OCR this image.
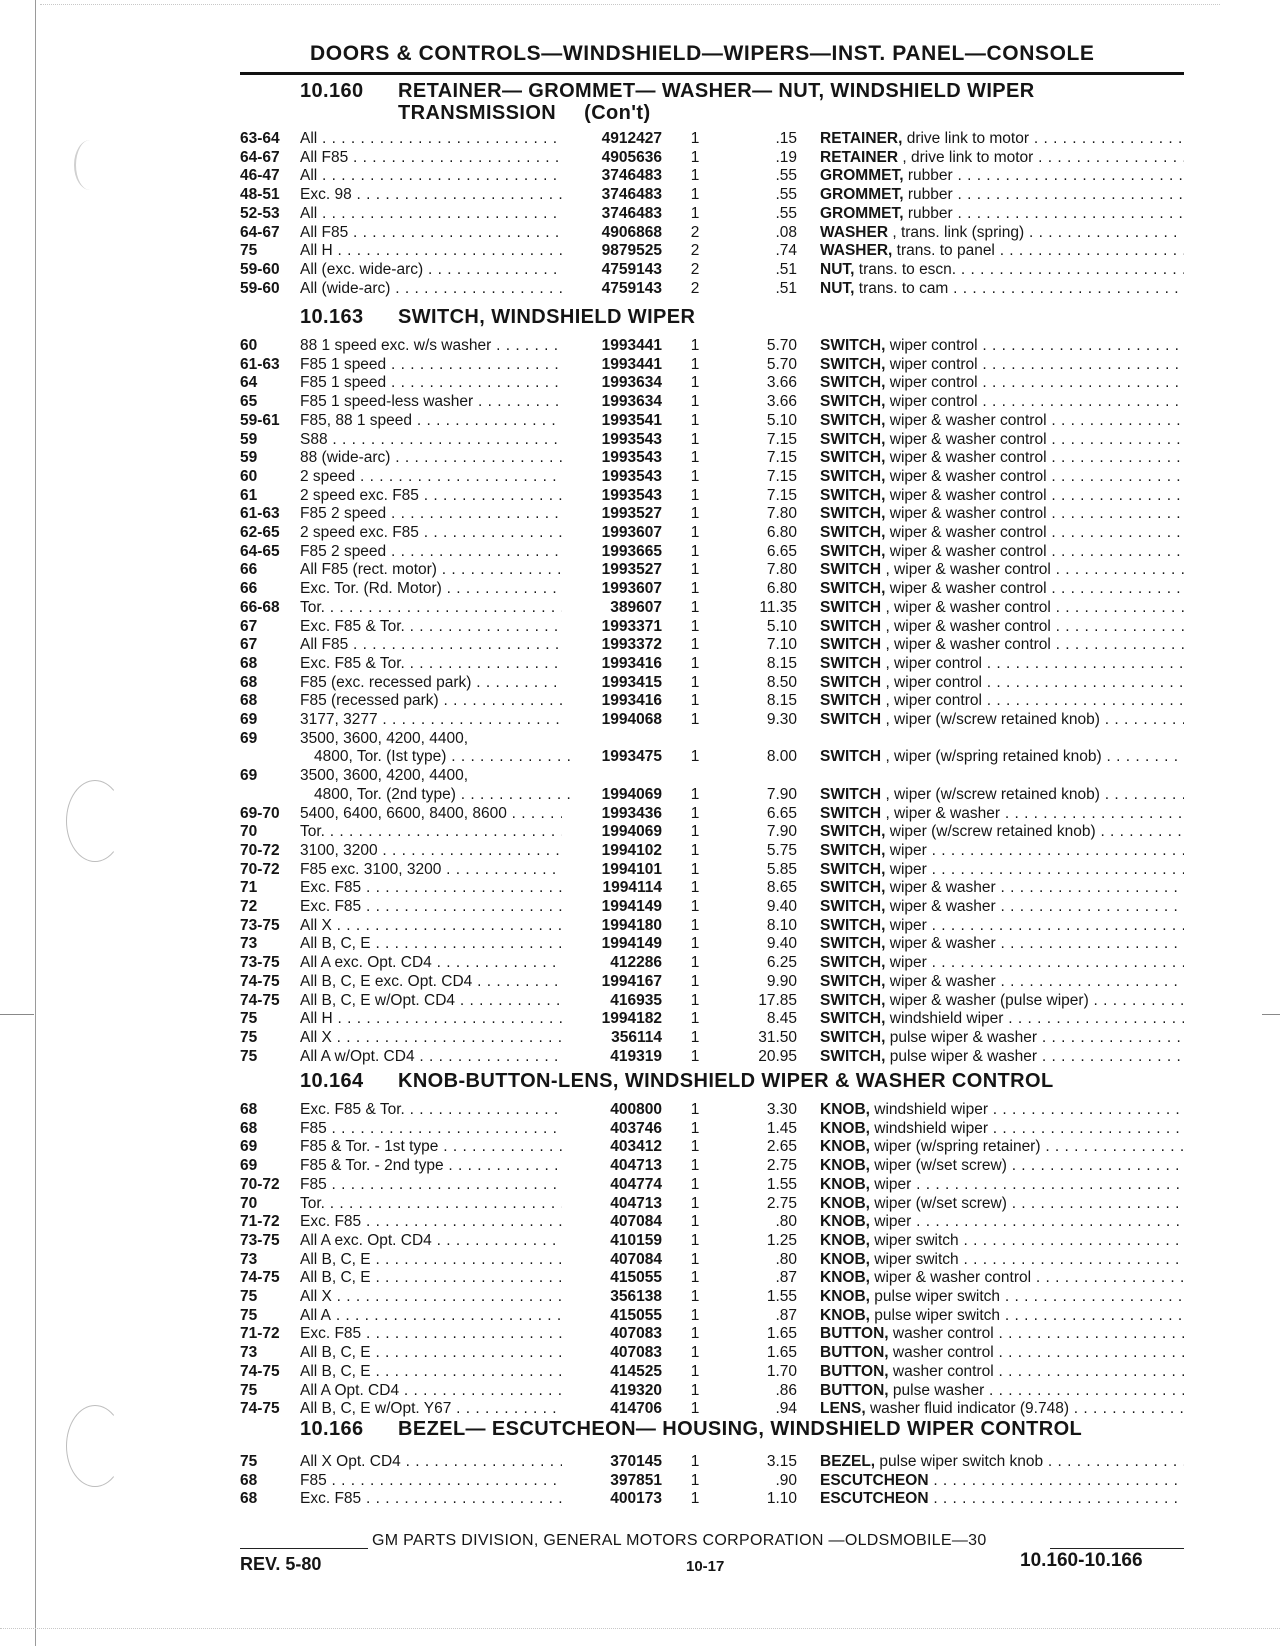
DOORS & CONTROLS—WINDSHIELD—WIPERS—INST. PANEL—CONSOLE
10.160 RETAINER— GROMMET— WASHER— NUT, WINDSHIELD WIPER
TRANSMISSION (Con't)
63-64 All . . .	4912427	1	.15 RETAINER, drive link to motor . . .
64-67 All F85 . . .	4905636	1	.19 RETAINER , drive link to motor . . .
46-47 All . . .	3746483	1	.55 GROMMET, rubber . . .
48-51 Exc. 98 . . .	3746483	1	.55 GROMMET, rubber . . .
52-53 All . . .	3746483	1	.55 GROMMET, rubber . . .
64-67 All F85 . . .	4906868	2	.08 WASHER , trans. link (spring) . . .
75	All H . . .	9879525	2	.74 WASHER, trans. to panel . . .
59-60 All (exc. wide-arc) . . .	4759143	2	.51 NUT, trans. to escn. . . .
59-60 All (wide-arc) . . .	4759143	2	.51 NUT, trans. to cam . . .
10.163 SWITCH, WINDSHIELD WIPER
60	88 1 speed exc. w/s washer . . .	1993441	1	5.70 SWITCH, wiper control . . .
61-63 F85 1 speed . . .	1993441	1	5.70 SWITCH, wiper control . . .
64	F85 1 speed . . .	1993634	1	3.66 SWITCH, wiper control . . .
65	F85 1 speed-less washer . . .	1993634	1	3.66 SWITCH, wiper control . . .
59-61 F85, 88 1 speed . . .	1993541	1	5.10 SWITCH, wiper & washer control . . .
59	S88 . . .	1993543	1	7.15 SWITCH, wiper & washer control . . .
59	88 (wide-arc) . . .	1993543	1	7.15 SWITCH, wiper & washer control . . .
60	2 speed . . .	1993543	1	7.15 SWITCH, wiper & washer control . . .
61	2 speed exc. F85 . . .	1993543	1	7.15 SWITCH, wiper & washer control . . .
61-63 F85 2 speed . . .	1993527	1	7.80 SWITCH, wiper & washer control . . .
62-65 2 speed exc. F85 . . .	1993607	1	6.80 SWITCH, wiper & washer control . . .
64-65 F85 2 speed . . .	1993665	1	6.65 SWITCH, wiper & washer control . . .
66	All F85 (rect. motor) . . .	1993527	1	7.80 SWITCH , wiper & washer control . . .
66	Exc. Tor. (Rd. Motor) . . .	1993607	1	6.80 SWITCH, wiper & washer control . . .
66-68 Tor. . . .	389607	1	11.35 SWITCH , wiper & washer control . . .
67	Exc. F85 & Tor. . . .	1993371	1	5.10 SWITCH , wiper & washer control . . .
67	All F85 . . .	1993372	1	7.10 SWITCH , wiper & washer control . . .
68	Exc. F85 & Tor. . . .	1993416	1	8.15 SWITCH , wiper control . . .
68	F85 (exc. recessed park) . . .	1993415	1	8.50 SWITCH , wiper control . . .
68	F85 (recessed park) . . .	1993416	1	8.15 SWITCH , wiper control . . .
69	3177, 3277 . . .	1994068	1	9.30 SWITCH , wiper (w/screw retained knob) . . .
69	3500, 3600, 4200, 4400,
4800, Tor. (Ist type) . . .	1993475	1	8.00 SWITCH , wiper (w/spring retained knob) . . .
69	3500, 3600, 4200, 4400,
4800, Tor. (2nd type) . . .	1994069	1	7.90 SWITCH , wiper (w/screw retained knob) . . .
69-70 5400, 6400, 6600, 8400, 8600 . . .	1993436	1	6.65 SWITCH , wiper & washer . . .
70	Tor. . . .	1994069	1	7.90 SWITCH, wiper (w/screw retained knob) . . .
70-72 3100, 3200 . . .	1994102	1	5.75 SWITCH, wiper . . .
70-72 F85 exc. 3100, 3200 . . .	1994101	1	5.85 SWITCH, wiper . . .
71	Exc. F85 . . .	1994114	1	8.65 SWITCH, wiper & washer . . .
72	Exc. F85 . . .	1994149	1	9.40 SWITCH, wiper & washer . . .
73-75 All X . . .	1994180	1	8.10 SWITCH, wiper . . .
73	All B, C, E . . .	1994149	1	9.40 SWITCH, wiper & washer . . .
73-75 All A exc. Opt. CD4 . . .	412286	1	6.25 SWITCH, wiper . . .
74-75 All B, C, E exc. Opt. CD4 . . .	1994167	1	9.90 SWITCH, wiper & washer . . .
74-75 All B, C, E w/Opt. CD4 . . .	416935	1	17.85 SWITCH, wiper & washer (pulse wiper) . . .
75	All H . . .	1994182	1	8.45 SWITCH, windshield wiper . . .
75	All X . . .	356114	1	31.50 SWITCH, pulse wiper & washer . . .
75	All A w/Opt. CD4 . . .	419319	1	20.95 SWITCH, pulse wiper & washer . . .
10.164 KNOB-BUTTON-LENS, WINDSHIELD WIPER & WASHER CONTROL
68	Exc. F85 & Tor. . . .	400800	1	3.30 KNOB, windshield wiper . . .
68	F85 . . .	403746	1	1.45 KNOB, windshield wiper . . .
69	F85 & Tor. - 1st type . . .	403412	1	2.65 KNOB, wiper (w/spring retainer) . . .
69	F85 & Tor. - 2nd type . . .	404713	1	2.75 KNOB, wiper (w/set screw) . . .
70-72 F85 . . .	404774	1	1.55 KNOB, wiper . . .
70	Tor. . . .	404713	1	2.75 KNOB, wiper (w/set screw) . . .
71-72 Exc. F85 . . .	407084	1	.80 KNOB, wiper . . .
73-75 All A exc. Opt. CD4 . . .	410159	1	1.25 KNOB, wiper switch . . .
73	All B, C, E . . .	407084	1	.80 KNOB, wiper switch . . .
74-75 All B, C, E . . .	415055	1	.87 KNOB, wiper & washer control . . .
75	All X . . .	356138	1	1.55 KNOB, pulse wiper switch . . .
75	All A . . .	415055	1	.87 KNOB, pulse wiper switch . . .
71-72 Exc. F85 . . .	407083	1	1.65 BUTTON, washer control . . .
73	All B, C, E . . .	407083	1	1.65 BUTTON, washer control . . .
74-75 All B, C, E . . .	414525	1	1.70 BUTTON, washer control . . .
75	All A Opt. CD4 . . .	419320	1	.86 BUTTON, pulse washer . . .
74-75 All B, C, E w/Opt. Y67 . . .	414706	1	.94 LENS, washer fluid indicator (9.748) . . .
10.166 BEZEL— ESCUTCHEON— HOUSING, WINDSHIELD WIPER CONTROL
75	All X Opt. CD4 . . .	370145	1	3.15 BEZEL, pulse wiper switch knob . . .
68	F85 . . .	397851	1	.90 ESCUTCHEON . . .
68	Exc. F85 . . .	400173	1	1.10 ESCUTCHEON . . .
GM PARTS DIVISION, GENERAL MOTORS CORPORATION —OLDSMOBILE—30
REV. 5-80	10-17	10.160-10.166
